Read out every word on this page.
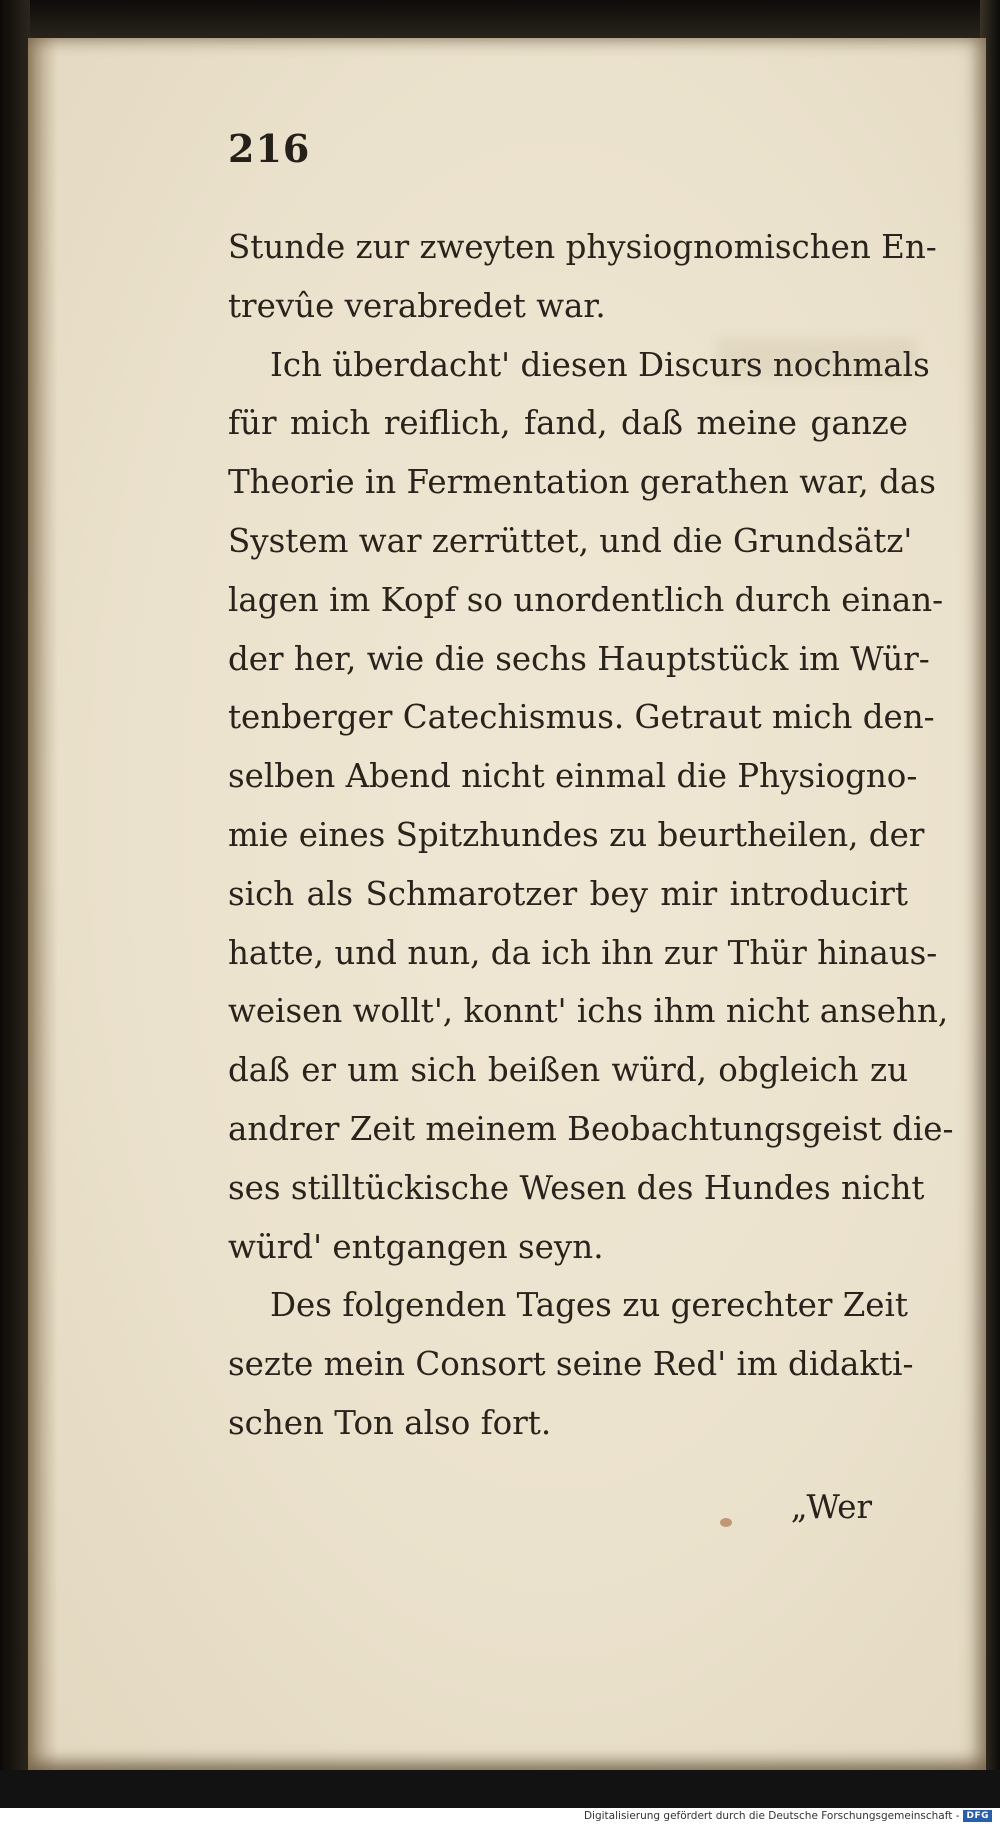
216
Stunde zur zweyten physiognomischen En-
trevûe verabredet war.
Ich überdacht' diesen Discurs nochmals
für mich reiflich, fand, daß meine ganze
Theorie in Fermentation gerathen war, das
System war zerrüttet, und die Grundsätz'
lagen im Kopf so unordentlich durch einan-
der her, wie die sechs Hauptstück im Wür-
tenberger Catechismus. Getraut mich den-
selben Abend nicht einmal die Physiogno-
mie eines Spitzhundes zu beurtheilen, der
sich als Schmarotzer bey mir introducirt
hatte, und nun, da ich ihn zur Thür hinaus-
weisen wollt', konnt' ichs ihm nicht ansehn,
daß er um sich beißen würd, obgleich zu
andrer Zeit meinem Beobachtungsgeist die-
ses stilltückische Wesen des Hundes nicht
würd' entgangen seyn.
Des folgenden Tages zu gerechter Zeit
sezte mein Consort seine Red' im didakti-
schen Ton also fort.
„Wer
Digitalisierung gefördert durch die Deutsche Forschungsgemeinschaft - DFG
